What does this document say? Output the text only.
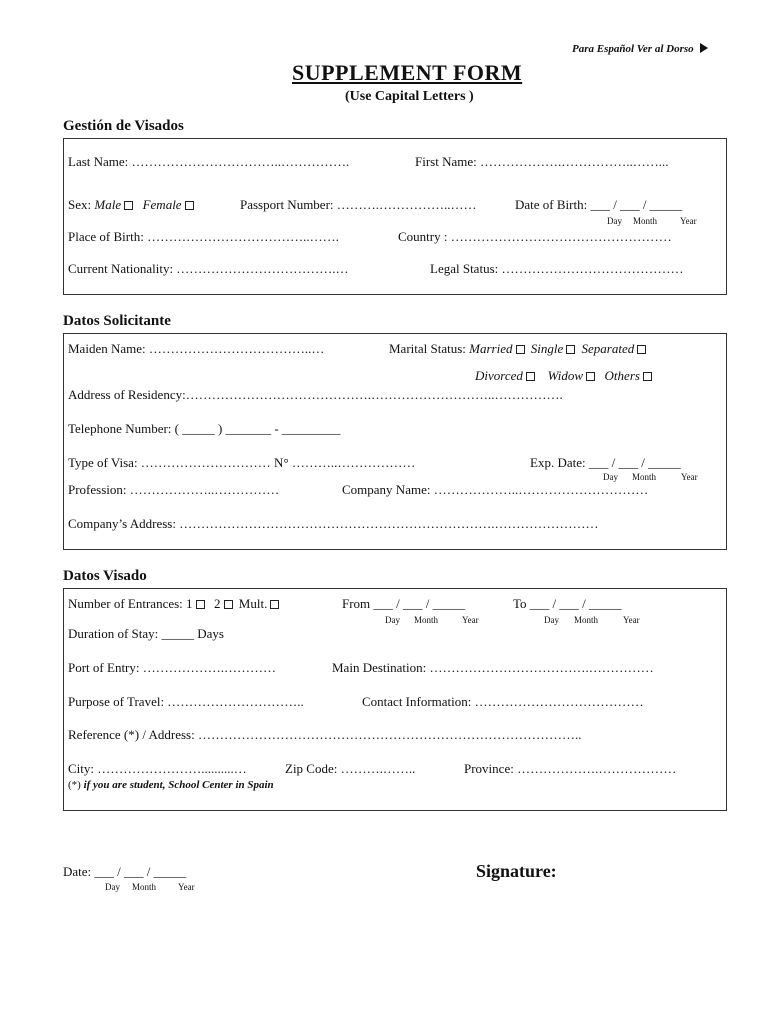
Para Español Ver al Dorso
SUPPLEMENT FORM
(Use Capital Letters )
Gestión de Visados
Last Name: ……………………………..…………….	First Name: ……………….……………..……...
Sex: Male Female	Passport Number: ……….……………..……	Date of Birth: ___ / ___ / _____
Day Month	Year
Place of Birth: ………………………………..…….	Country : ……………………………………………
Current Nationality: ……………………………….…	Legal Status: ……………………………………
Datos Solicitante
Maiden Name: ………………………………..…	Marital Status: Married Single Separated
Divorced Widow Others
Address of Residency:…………………………………….………………………..…………….
Telephone Number: ( _____ ) _______ - _________
Type of Visa: ………………………… N° ………..………………	Exp. Date: ___ / ___ / _____
Day Month	Year
Profession: ………………..……………	Company Name: ………………..…………………………
Company’s Address: ……………………………………………………………….……………………
Datos Visado
Number of Entrances: 1 2 Mult.	From ___ / ___ / _____	To ___ / ___ / _____
Day Month	Year	Day Month	Year
Duration of Stay: _____ Days
Port of Entry: ……………….…………	Main Destination: ……………………………….……………
Purpose of Travel: …………………………..	Contact Information: …………………………………
Reference (*) / Address: ……………………………………………………………………………..
City: ……………………..........…	Zip Code: ……….……..	Province: ……………….………………
(*) if you are student, School Center in Spain
Date: ___ / ___ / _____
Day Month Year
Signature:
